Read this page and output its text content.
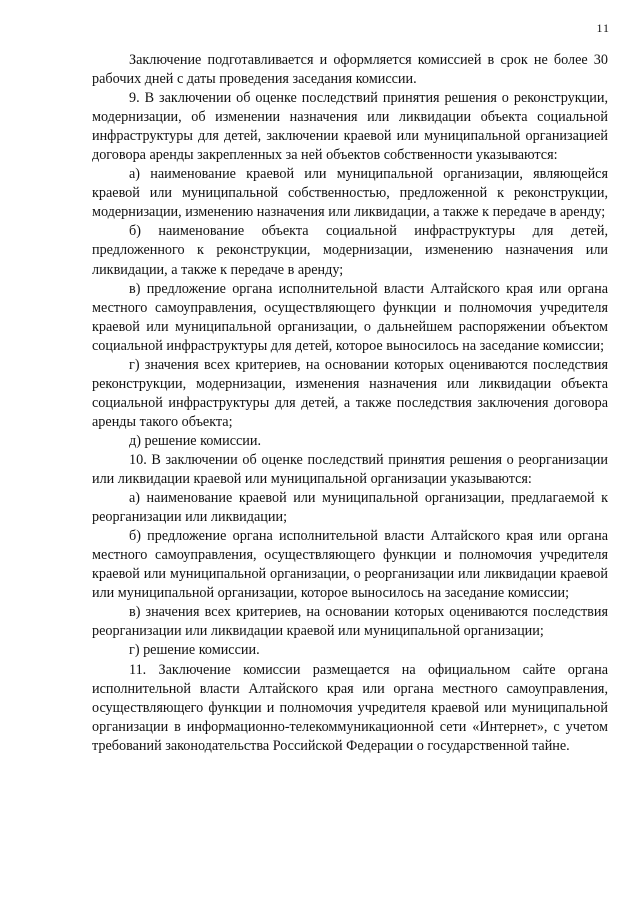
11

Заключение подготавливается и оформляется комиссией в срок не более 30 рабочих дней с даты проведения заседания комиссии.

9. В заключении об оценке последствий принятия решения о реконструкции, модернизации, об изменении назначения или ликвидации объекта социальной инфраструктуры для детей, заключении краевой или муниципальной организацией договора аренды закрепленных за ней объектов собственности указываются:

а) наименование краевой или муниципальной организации, являющейся краевой или муниципальной собственностью, предложенной к реконструкции, модернизации, изменению назначения или ликвидации, а также к передаче в аренду;

б) наименование объекта социальной инфраструктуры для детей, предложенного к реконструкции, модернизации, изменению назначения или ликвидации, а также к передаче в аренду;

в) предложение органа исполнительной власти Алтайского края или органа местного самоуправления, осуществляющего функции и полномочия учредителя краевой или муниципальной организации, о дальнейшем распоряжении объектом социальной инфраструктуры для детей, которое выносилось на заседание комиссии;

г) значения всех критериев, на основании которых оцениваются последствия реконструкции, модернизации, изменения назначения или ликвидации объекта социальной инфраструктуры для детей, а также последствия заключения договора аренды такого объекта;

д) решение комиссии.

10. В заключении об оценке последствий принятия решения о реорганизации или ликвидации краевой или муниципальной организации указываются:

а) наименование краевой или муниципальной организации, предлагаемой к реорганизации или ликвидации;

б) предложение органа исполнительной власти Алтайского края или органа местного самоуправления, осуществляющего функции и полномочия учредителя краевой или муниципальной организации, о реорганизации или ликвидации краевой или муниципальной организации, которое выносилось на заседание комиссии;

в) значения всех критериев, на основании которых оцениваются последствия реорганизации или ликвидации краевой или муниципальной организации;

г) решение комиссии.

11. Заключение комиссии размещается на официальном сайте органа исполнительной власти Алтайского края или органа местного самоуправления, осуществляющего функции и полномочия учредителя краевой или муниципальной организации в информационно-телекоммуникационной сети «Интернет», с учетом требований законодательства Российской Федерации о государственной тайне.
